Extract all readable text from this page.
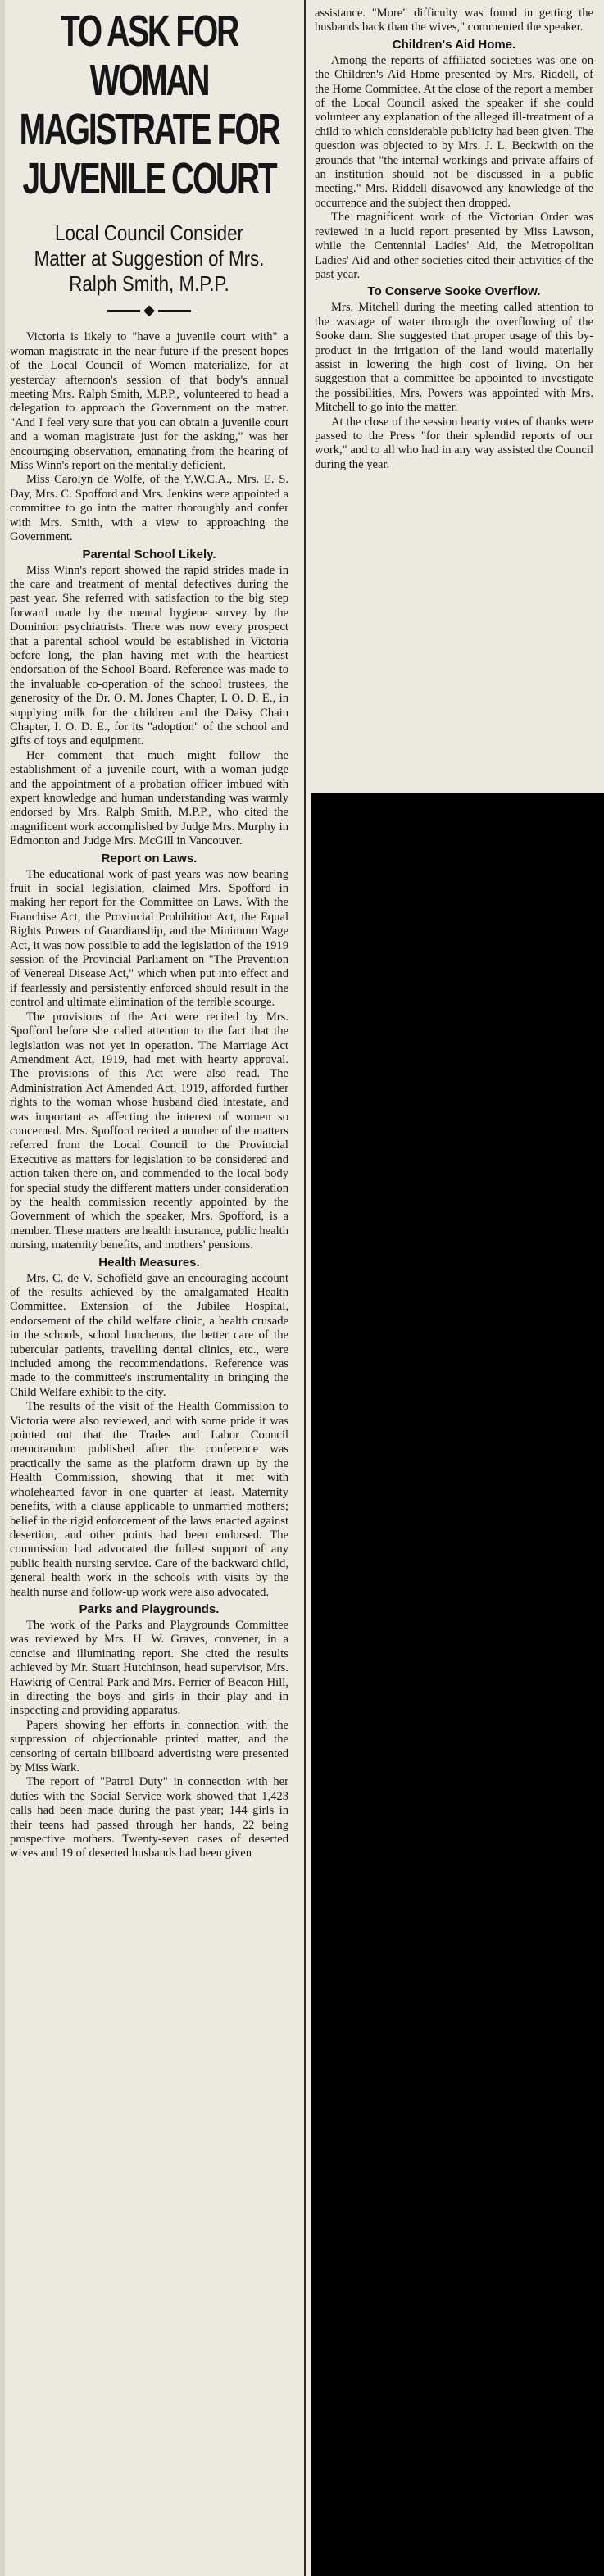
TO ASK FOR WOMAN MAGISTRATE FOR JUVENILE COURT
Local Council Consider Matter at Suggestion of Mrs. Ralph Smith, M.P.P.
◆

Victoria is likely to "have a juvenile court with" a woman magistrate in the near future if the present hopes of the Local Council of Women materialize, for at yesterday afternoon's session of that body's annual meeting Mrs. Ralph Smith, M.P.P., volunteered to head a delegation to approach the Government on the matter. "And I feel very sure that you can obtain a juvenile court and a woman magistrate just for the asking," was her encouraging observation, emanating from the hearing of Miss Winn's report on the mentally deficient.

Miss Carolyn de Wolfe, of the Y.W.C.A., Mrs. E. S. Day, Mrs. C. Spofford and Mrs. Jenkins were appointed a committee to go into the matter thoroughly and confer with Mrs. Smith, with a view to approaching the Government.

Parental School Likely.

Miss Winn's report showed the rapid strides made in the care and treatment of mental defectives during the past year. She referred with satisfaction to the big step forward made by the mental hygiene survey by the Dominion psychiatrists. There was now every prospect that a parental school would be established in Victoria before long, the plan having met with the heartiest endorsation of the School Board. Reference was made to the invaluable co-operation of the school trustees, the generosity of the Dr. O. M. Jones Chapter, I. O. D. E., in supplying milk for the children and the Daisy Chain Chapter, I. O. D. E., for its "adoption" of the school and gifts of toys and equipment.

Her comment that much might follow the establishment of a juvenile court, with a woman judge and the appointment of a probation officer imbued with expert knowledge and human understanding was warmly endorsed by Mrs. Ralph Smith, M.P.P., who cited the magnificent work accomplished by Judge Mrs. Murphy in Edmonton and Judge Mrs. McGill in Vancouver.

Report on Laws.

The educational work of past years was now bearing fruit in social legislation, claimed Mrs. Spofford in making her report for the Committee on Laws. With the Franchise Act, the Provincial Prohibition Act, the Equal Rights Powers of Guardianship, and the Minimum Wage Act, it was now possible to add the legislation of the 1919 session of the Provincial Parliament on "The Prevention of Venereal Disease Act," which when put into effect and if fearlessly and persistently enforced should result in the control and ultimate elimination of the terrible scourge.

The provisions of the Act were recited by Mrs. Spofford before she called attention to the fact that the legislation was not yet in operation. The Marriage Act Amendment Act, 1919, had met with hearty approval. The provisions of this Act were also read. The Administration Act Amended Act, 1919, afforded further rights to the woman whose husband died intestate, and was important as affecting the interest of women so concerned. Mrs. Spofford recited a number of the matters referred from the Local Council to the Provincial Executive as matters for legislation to be considered and action taken there on, and commended to the local body for special study the different matters under consideration by the health commission recently appointed by the Government of which the speaker, Mrs. Spofford, is a member. These matters are health insurance, public health nursing, maternity benefits, and mothers' pensions.

Health Measures.

Mrs. C. de V. Schofield gave an encouraging account of the results achieved by the amalgamated Health Committee. Extension of the Jubilee Hospital, endorsement of the child welfare clinic, a health crusade in the schools, school luncheons, the better care of the tubercular patients, travelling dental clinics, etc., were included among the recommendations. Reference was made to the committee's instrumentality in bringing the Child Welfare exhibit to the city.

The results of the visit of the Health Commission to Victoria were also reviewed, and with some pride it was pointed out that the Trades and Labor Council memorandum published after the conference was practically the same as the platform drawn up by the Health Commission, showing that it met with wholehearted favor in one quarter at least. Maternity benefits, with a clause applicable to unmarried mothers; belief in the rigid enforcement of the laws enacted against desertion, and other points had been endorsed. The commission had advocated the fullest support of any public health nursing service. Care of the backward child, general health work in the schools with visits by the health nurse and follow-up work were also advocated.

Parks and Playgrounds.

The work of the Parks and Playgrounds Committee was reviewed by Mrs. H. W. Graves, convener, in a concise and illuminating report. She cited the results achieved by Mr. Stuart Hutchinson, head supervisor, Mrs. Hawkrig of Central Park and Mrs. Perrier of Beacon Hill, in directing the boys and girls in their play and in inspecting and providing apparatus.

Papers showing her efforts in connection with the suppression of objectionable printed matter, and the censoring of certain billboard advertising were presented by Miss Wark.

The report of "Patrol Duty" in connection with her duties with the Social Service work showed that 1,423 calls had been made during the past year; 144 girls in their teens had passed through her hands, 22 being prospective mothers. Twenty-seven cases of deserted wives and 19 of deserted husbands had been given

assistance. "More" difficulty was found in getting the husbands back than the wives," commented the speaker.

Children's Aid Home.

Among the reports of affiliated societies was one on the Children's Aid Home presented by Mrs. Riddell, of the Home Committee. At the close of the report a member of the Local Council asked the speaker if she could volunteer any explanation of the alleged ill-treatment of a child to which considerable publicity had been given. The question was objected to by Mrs. J. L. Beckwith on the grounds that "the internal workings and private affairs of an institution should not be discussed in a public meeting." Mrs. Riddell disavowed any knowledge of the occurrence and the subject then dropped.

The magnificent work of the Victorian Order was reviewed in a lucid report presented by Miss Lawson, while the Centennial Ladies' Aid, the Metropolitan Ladies' Aid and other societies cited their activities of the past year.

To Conserve Sooke Overflow.

Mrs. Mitchell during the meeting called attention to the wastage of water through the overflowing of the Sooke dam. She suggested that proper usage of this by-product in the irrigation of the land would materially assist in lowering the high cost of living. On her suggestion that a committee be appointed to investigate the possibilities, Mrs. Powers was appointed with Mrs. Mitchell to go into the matter.

At the close of the session hearty votes of thanks were passed to the Press "for their splendid reports of our work," and to all who had in any way assisted the Council during the year.
